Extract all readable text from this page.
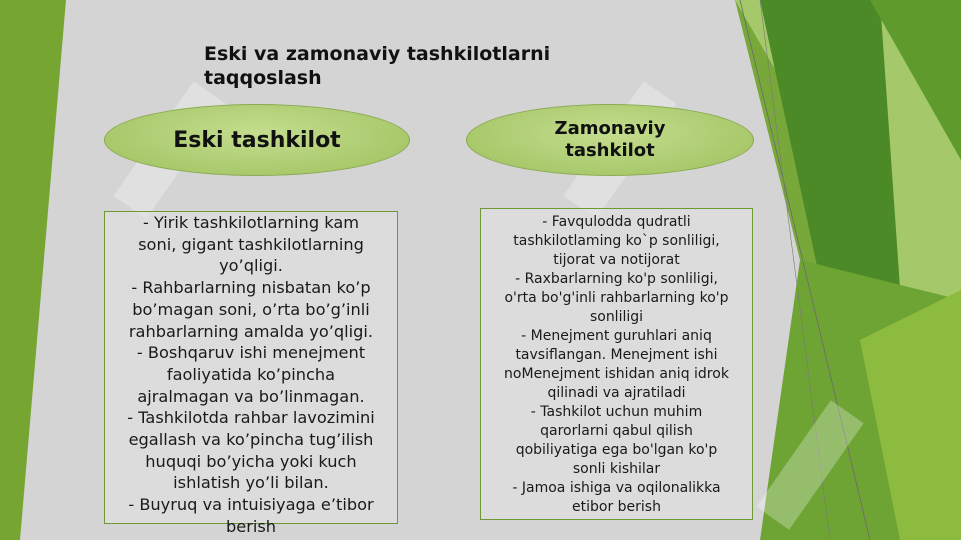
Eski va zamonaviy tashkilotlarni taqqoslash
Eski tashkilot	Zamonaviy tashkilot
- Yirik tashkilotlarning kam
soni, gigant tashkilotlarning
yo’qligi.
- Rahbarlarning nisbatan ko’p
bo’magan soni, o’rta bo’g’inli
rahbarlarning amalda yo’qligi.
- Boshqaruv ishi menejment
faoliyatida ko’pincha
ajralmagan va bo’linmagan.
- Tashkilotda rahbar lavozimini
egallash va ko’pincha tug’ilish
huquqi bo’yicha yoki kuch
ishlatish yo’li bilan.
- Buyruq va intuisiyaga e’tibor
berish
- Favqulodda qudratli
tashkilotlaming ko`p sonliligi,
tijorat va notijorat
- Raxbarlarning ko'p sonliligi,
o'rta bo'g'inli rahbarlarning ko'p
sonliligi
- Menejment guruhlari aniq
tavsiflangan. Menejment ishi
noMenejment ishidan aniq idrok
qilinadi va ajratiladi
- Tashkilot uchun muhim
qarorlarni qabul qilish
qobiliyatiga ega bo'lgan ko'p
sonli kishilar
- Jamoa ishiga va oqilonalikka
etibor berish
